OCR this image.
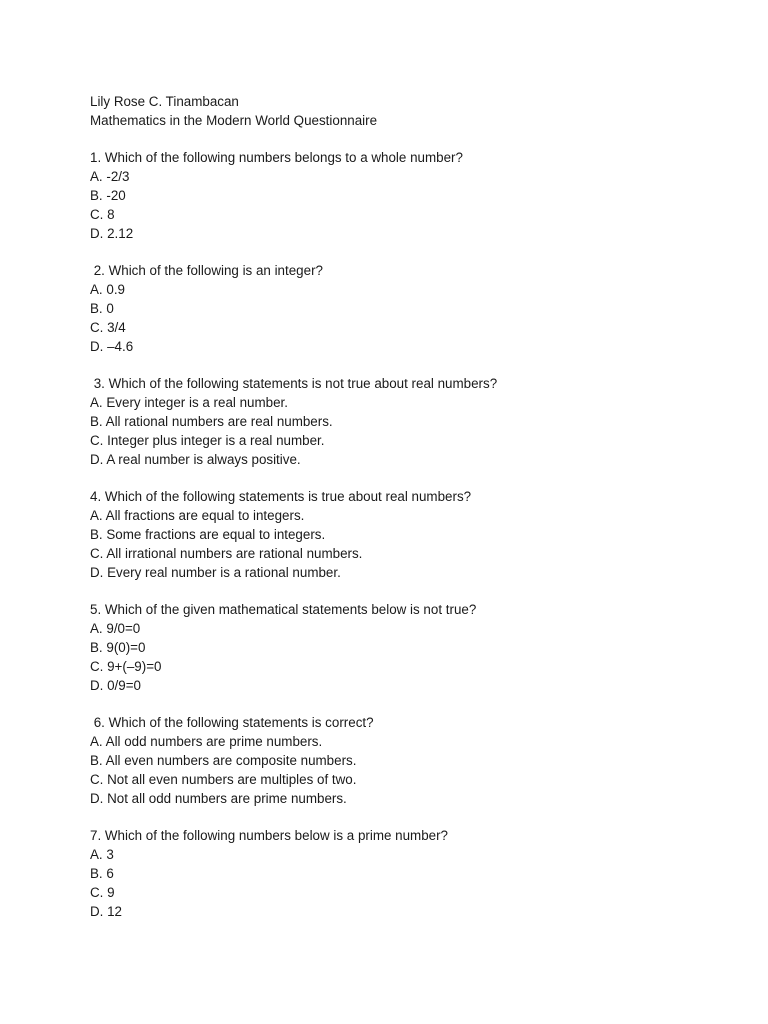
Lily Rose C. Tinambacan
Mathematics in the Modern World Questionnaire
1. Which of the following numbers belongs to a whole number?
A. -2/3
B. -20
C. 8
D. 2.12
2. Which of the following is an integer?
A. 0.9
B. 0
C. 3/4
D. –4.6
3. Which of the following statements is not true about real numbers?
A. Every integer is a real number.
B. All rational numbers are real numbers.
C. Integer plus integer is a real number.
D. A real number is always positive.
4. Which of the following statements is true about real numbers?
A. All fractions are equal to integers.
B. Some fractions are equal to integers.
C. All irrational numbers are rational numbers.
D. Every real number is a rational number.
5. Which of the given mathematical statements below is not true?
A. 9/0=0
B. 9(0)=0
C. 9+(–9)=0
D. 0/9=0
6. Which of the following statements is correct?
A. All odd numbers are prime numbers.
B. All even numbers are composite numbers.
C. Not all even numbers are multiples of two.
D. Not all odd numbers are prime numbers.
7. Which of the following numbers below is a prime number?
A. 3
B. 6
C. 9
D. 12
